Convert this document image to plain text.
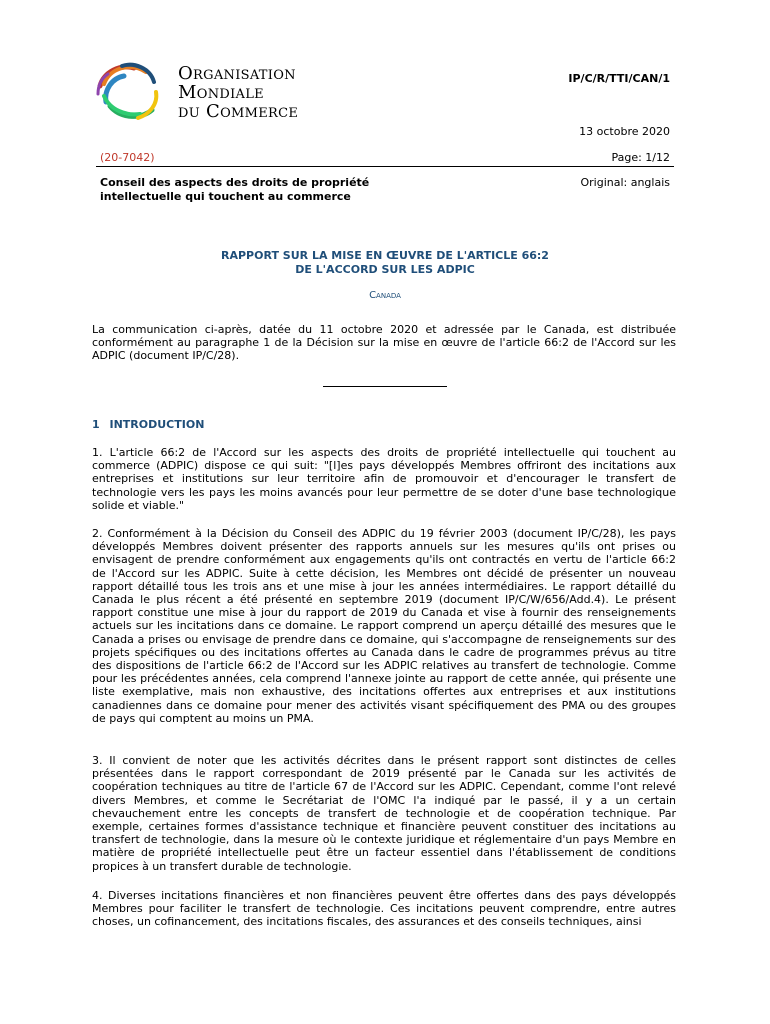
Organisation
Mondiale
du Commerce
IP/C/R/TTI/CAN/1
13 octobre 2020
(20-7042)	Page: 1/12
Conseil des aspects des droits de propriété intellectuelle qui touchent au commerce
Original: anglais
RAPPORT SUR LA MISE EN ŒUVRE DE L'ARTICLE 66:2
DE L'ACCORD SUR LES ADPIC
Canada
La communication ci-après, datée du 11 octobre 2020 et adressée par le Canada, est distribuée conformément au paragraphe 1 de la Décision sur la mise en œuvre de l'article 66:2 de l'Accord sur les ADPIC (document IP/C/28).
1 INTRODUCTION
1. L'article 66:2 de l'Accord sur les aspects des droits de propriété intellectuelle qui touchent au commerce (ADPIC) dispose ce qui suit: "[l]es pays développés Membres offriront des incitations aux entreprises et institutions sur leur territoire afin de promouvoir et d'encourager le transfert de technologie vers les pays les moins avancés pour leur permettre de se doter d'une base technologique solide et viable."
2. Conformément à la Décision du Conseil des ADPIC du 19 février 2003 (document IP/C/28), les pays développés Membres doivent présenter des rapports annuels sur les mesures qu'ils ont prises ou envisagent de prendre conformément aux engagements qu'ils ont contractés en vertu de l'article 66:2 de l'Accord sur les ADPIC. Suite à cette décision, les Membres ont décidé de présenter un nouveau rapport détaillé tous les trois ans et une mise à jour les années intermédiaires. Le rapport détaillé du Canada le plus récent a été présenté en septembre 2019 (document IP/C/W/656/Add.4). Le présent rapport constitue une mise à jour du rapport de 2019 du Canada et vise à fournir des renseignements actuels sur les incitations dans ce domaine. Le rapport comprend un aperçu détaillé des mesures que le Canada a prises ou envisage de prendre dans ce domaine, qui s'accompagne de renseignements sur des projets spécifiques ou des incitations offertes au Canada dans le cadre de programmes prévus au titre des dispositions de l'article 66:2 de l'Accord sur les ADPIC relatives au transfert de technologie. Comme pour les précédentes années, cela comprend l'annexe jointe au rapport de cette année, qui présente une liste exemplative, mais non exhaustive, des incitations offertes aux entreprises et aux institutions canadiennes dans ce domaine pour mener des activités visant spécifiquement des PMA ou des groupes de pays qui comptent au moins un PMA.
3. Il convient de noter que les activités décrites dans le présent rapport sont distinctes de celles présentées dans le rapport correspondant de 2019 présenté par le Canada sur les activités de coopération techniques au titre de l'article 67 de l'Accord sur les ADPIC. Cependant, comme l'ont relevé divers Membres, et comme le Secrétariat de l'OMC l'a indiqué par le passé, il y a un certain chevauchement entre les concepts de transfert de technologie et de coopération technique. Par exemple, certaines formes d'assistance technique et financière peuvent constituer des incitations au transfert de technologie, dans la mesure où le contexte juridique et réglementaire d'un pays Membre en matière de propriété intellectuelle peut être un facteur essentiel dans l'établissement de conditions propices à un transfert durable de technologie.
4. Diverses incitations financières et non financières peuvent être offertes dans des pays développés Membres pour faciliter le transfert de technologie. Ces incitations peuvent comprendre, entre autres choses, un cofinancement, des incitations fiscales, des assurances et des conseils techniques, ainsi
